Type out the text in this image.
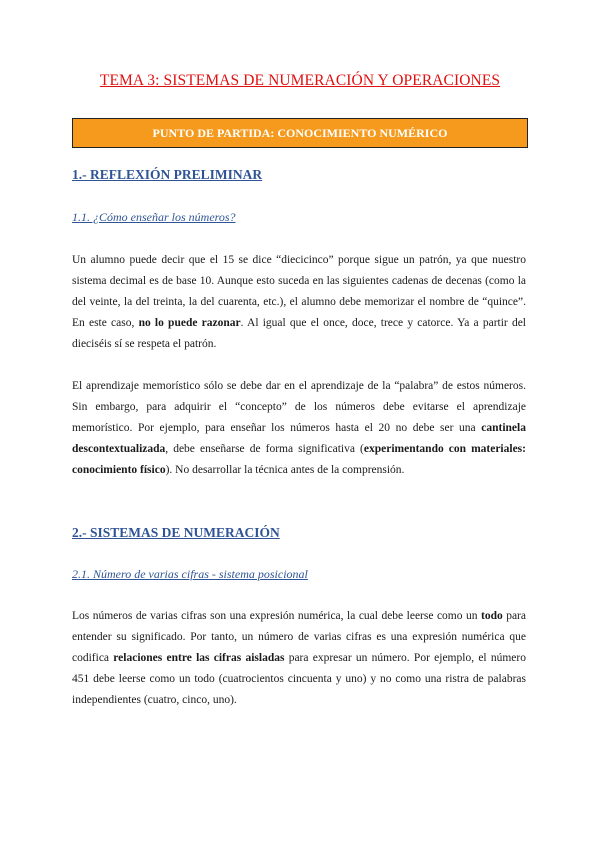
TEMA 3: SISTEMAS DE NUMERACIÓN Y OPERACIONES
PUNTO DE PARTIDA: CONOCIMIENTO NUMÉRICO
1.- REFLEXIÓN PRELIMINAR
1.1. ¿Cómo enseñar los números?
Un alumno puede decir que el 15 se dice “diecicinco” porque sigue un patrón, ya que nuestro sistema decimal es de base 10. Aunque esto suceda en las siguientes cadenas de decenas (como la del veinte, la del treinta, la del cuarenta, etc.), el alumno debe memorizar el nombre de “quince”. En este caso, no lo puede razonar. Al igual que el once, doce, trece y catorce. Ya a partir del dieciséis sí se respeta el patrón.
El aprendizaje memorístico sólo se debe dar en el aprendizaje de la “palabra” de estos números. Sin embargo, para adquirir el “concepto” de los números debe evitarse el aprendizaje memorístico. Por ejemplo, para enseñar los números hasta el 20 no debe ser una cantinela descontextualizada, debe enseñarse de forma significativa (experimentando con materiales: conocimiento físico). No desarrollar la técnica antes de la comprensión.
2.- SISTEMAS DE NUMERACIÓN
2.1. Número de varias cifras - sistema posicional
Los números de varias cifras son una expresión numérica, la cual debe leerse como un todo para entender su significado. Por tanto, un número de varias cifras es una expresión numérica que codifica relaciones entre las cifras aisladas para expresar un número. Por ejemplo, el número 451 debe leerse como un todo (cuatrocientos cincuenta y uno) y no como una ristra de palabras independientes (cuatro, cinco, uno).
